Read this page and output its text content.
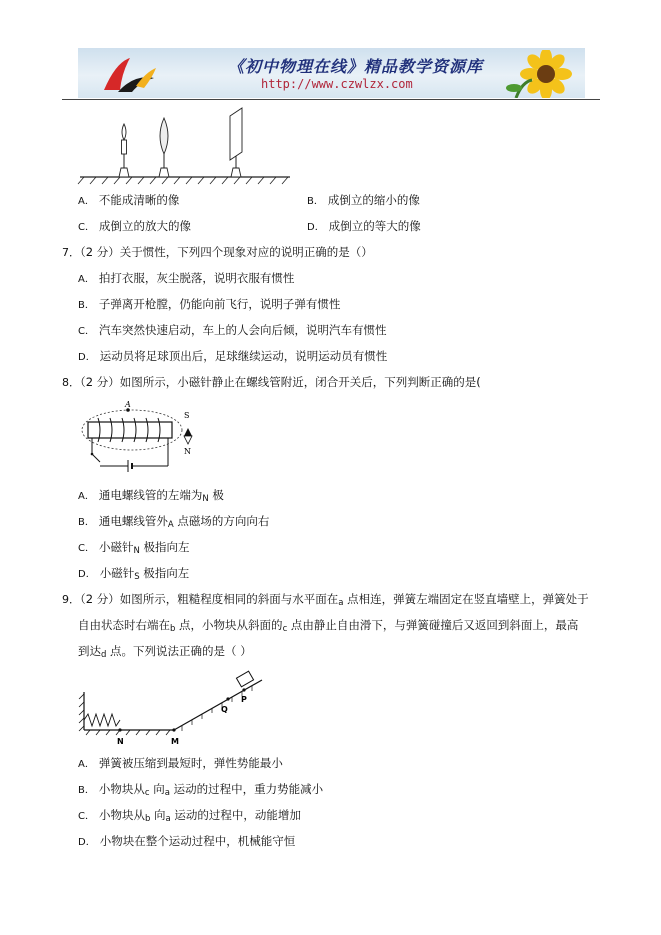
《初中物理在线》精品教学资源库
http://www.czwlzx.com
A． 不能成清晰的像	B． 成倒立的缩小的像
C． 成倒立的放大的像	D． 成倒立的等大的像
7．（2 分）关于惯性，下列四个现象对应的说明正确的是（）
A． 拍打衣服，灰尘脱落，说明衣服有惯性
B． 子弹离开枪膛，仍能向前飞行，说明子弹有惯性
C． 汽车突然快速启动，车上的人会向后倾，说明汽车有惯性
D． 运动员将足球顶出后，足球继续运动，说明运动员有惯性
8．（2 分）如图所示，小磁针静止在螺线管附近，闭合开关后，下列判断正确的是(
A
S
N
A． 通电螺线管的左端为$_N$ 极
B． 通电螺线管外$_A$ 点磁场的方向向右
C． 小磁针$_N$ 极指向左
D． 小磁针$_S$ 极指向左
9．（2 分）如图所示，粗糙程度相同的斜面与水平面在$_a$ 点相连，弹簧左端固定在竖直墙壁上，弹簧处于
自由状态时右端在$_b$ 点，小物块从斜面的$_c$ 点由静止自由滑下，与弹簧碰撞后又返回到斜面上，最高
到达$_d$ 点。下列说法正确的是（ ）
N	M
Q
P
A． 弹簧被压缩到最短时，弹性势能最小
B． 小物块从$_c$ 向$_a$ 运动的过程中，重力势能减小
C． 小物块从$_b$ 向$_a$ 运动的过程中，动能增加
D． 小物块在整个运动过程中，机械能守恒
